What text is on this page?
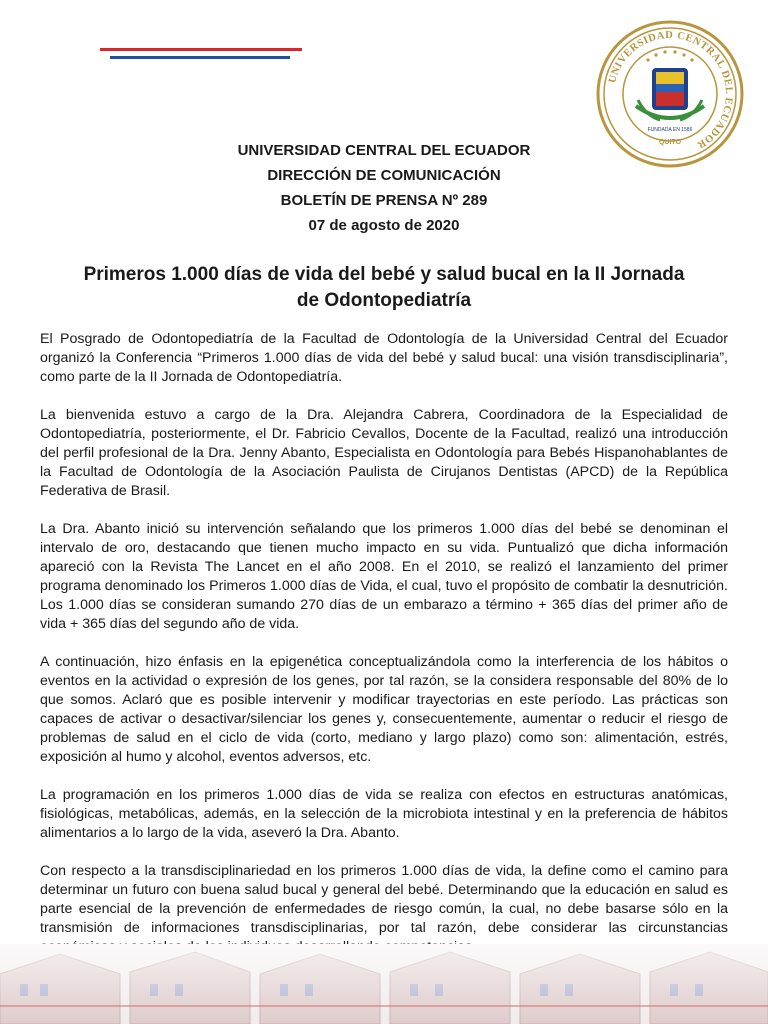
UNIVERSIDAD CENTRAL DEL ECUADOR
FUNDADA EN 1586
QUITO
UNIVERSIDAD CENTRAL DEL ECUADOR
DIRECCIÓN DE COMUNICACIÓN
BOLETÍN DE PRENSA Nº 289
07 de agosto de 2020
Primeros 1.000 días de vida del bebé y salud bucal en la II Jornada
de Odontopediatría

El Posgrado de Odontopediatría de la Facultad de Odontología de la Universidad Central del Ecuador organizó la Conferencia “Primeros 1.000 días de vida del bebé y salud bucal: una visión transdisciplinaria”, como parte de la II Jornada de Odontopediatría.

La bienvenida estuvo a cargo de la Dra. Alejandra Cabrera, Coordinadora de la Especialidad de Odontopediatría, posteriormente, el Dr. Fabricio Cevallos, Docente de la Facultad, realizó una introducción del perfil profesional de la Dra. Jenny Abanto, Especialista en Odontología para Bebés Hispanohablantes de la Facultad de Odontología de la Asociación Paulista de Cirujanos Dentistas (APCD) de la República Federativa de Brasil.

La Dra. Abanto inició su intervención señalando que los primeros 1.000 días del bebé se denominan el intervalo de oro, destacando que tienen mucho impacto en su vida. Puntualizó que dicha información apareció con la Revista The Lancet en el año 2008. En el 2010, se realizó el lanzamiento del primer programa denominado los Primeros 1.000 días de Vida, el cual, tuvo el propósito de combatir la desnutrición. Los 1.000 días se consideran sumando 270 días de un embarazo a término + 365 días del primer año de vida + 365 días del segundo año de vida.

A continuación, hizo énfasis en la epigenética conceptualizándola como la interferencia de los hábitos o eventos en la actividad o expresión de los genes, por tal razón, se la considera responsable del 80% de lo que somos. Aclaró que es posible intervenir y modificar trayectorias en este período. Las prácticas son capaces de activar o desactivar/silenciar los genes y, consecuentemente, aumentar o reducir el riesgo de problemas de salud en el ciclo de vida (corto, mediano y largo plazo) como son: alimentación, estrés, exposición al humo y alcohol, eventos adversos, etc.

La programación en los primeros 1.000 días de vida se realiza con efectos en estructuras anatómicas, fisiológicas, metabólicas, además, en la selección de la microbiota intestinal y en la preferencia de hábitos alimentarios a lo largo de la vida, aseveró la Dra. Abanto.

Con respecto a la transdisciplinariedad en los primeros 1.000 días de vida, la define como el camino para determinar un futuro con buena salud bucal y general del bebé. Determinando que la educación en salud es parte esencial de la prevención de enfermedades de riesgo común, la cual, no debe basarse sólo en la transmisión de informaciones transdisciplinarias, por tal razón, debe considerar las circunstancias
